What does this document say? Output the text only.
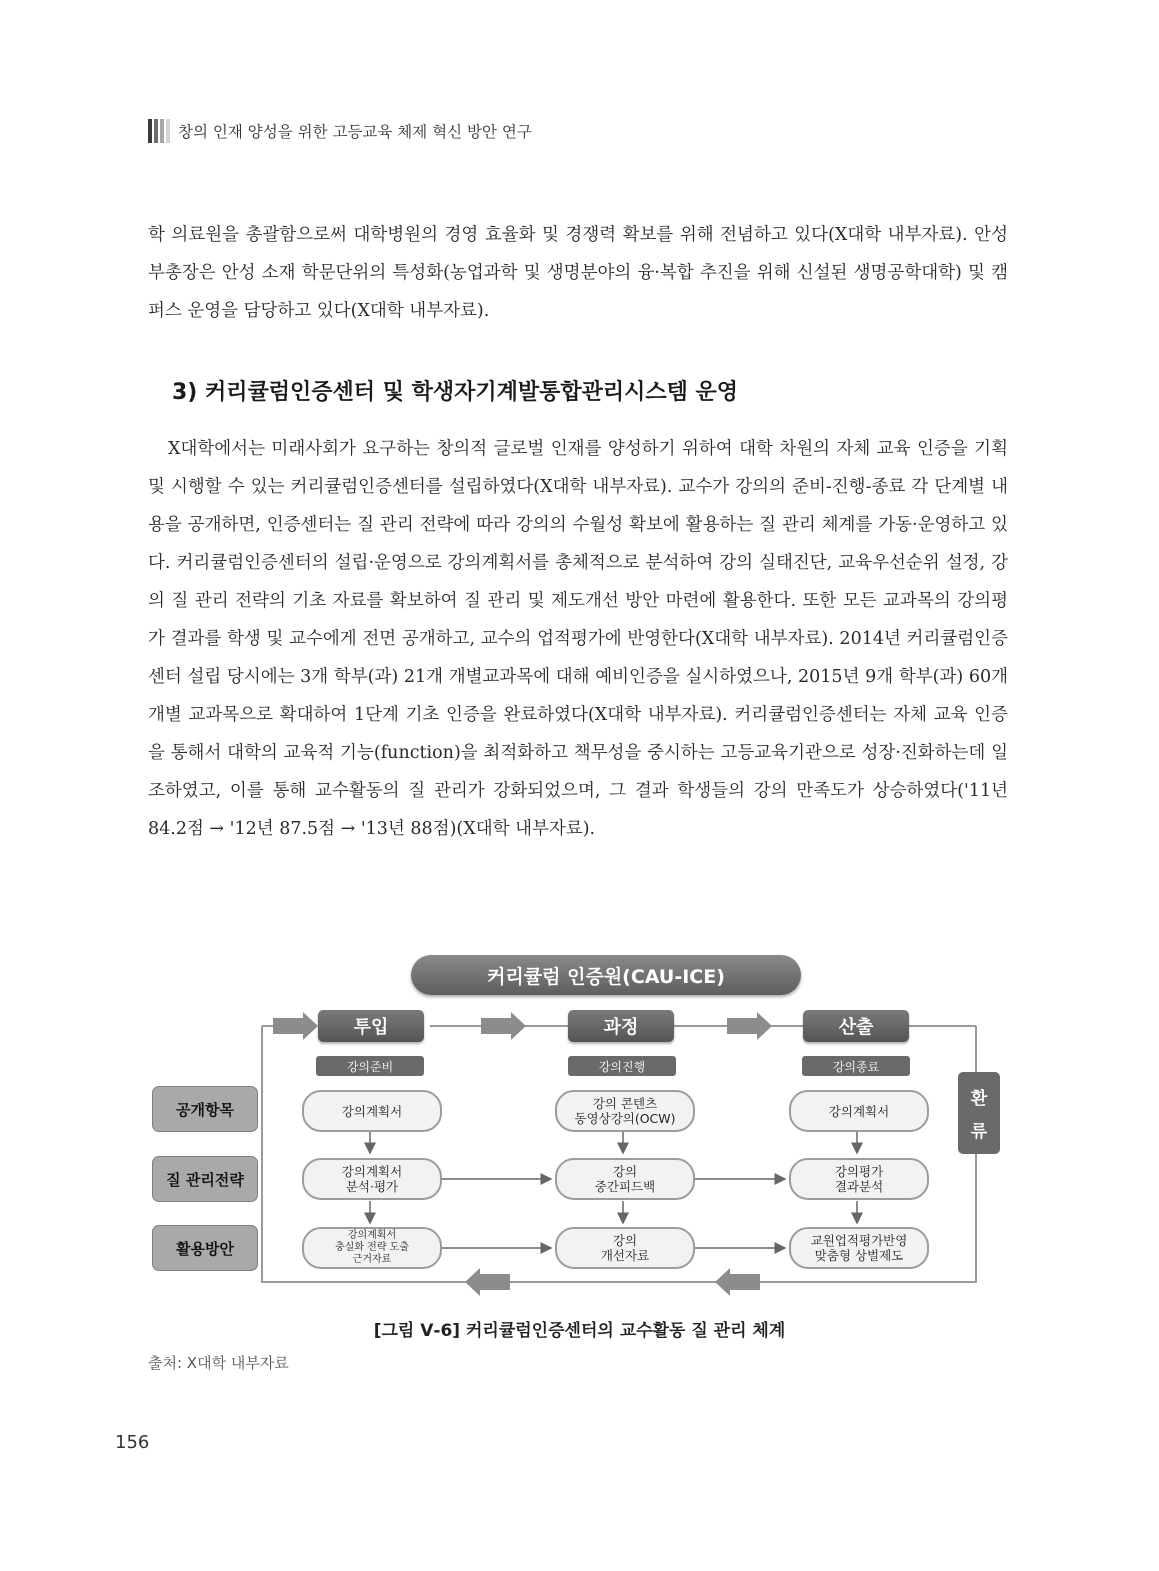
창의 인재 양성을 위한 고등교육 체제 혁신 방안 연구

학 의료원을 총괄함으로써 대학병원의 경영 효율화 및 경쟁력 확보를 위해 전념하고 있다(X대학 내부자료). 안성부총장은 안성 소재 학문단위의 특성화(농업과학 및 생명분야의 융·복합 추진을 위해 신설된 생명공학대학) 및 캠퍼스 운영을 담당하고 있다(X대학 내부자료).

3) 커리큘럼인증센터 및 학생자기계발통합관리시스템 운영

X대학에서는 미래사회가 요구하는 창의적 글로벌 인재를 양성하기 위하여 대학 차원의 자체 교육 인증을 기획 및 시행할 수 있는 커리큘럼인증센터를 설립하였다(X대학 내부자료). 교수가 강의의 준비-진행-종료 각 단계별 내용을 공개하면, 인증센터는 질 관리 전략에 따라 강의의 수월성 확보에 활용하는 질 관리 체계를 가동·운영하고 있다. 커리큘럼인증센터의 설립·운영으로 강의계획서를 총체적으로 분석하여 강의 실태진단, 교육우선순위 설정, 강의 질 관리 전략의 기초 자료를 확보하여 질 관리 및 제도개선 방안 마련에 활용한다. 또한 모든 교과목의 강의평가 결과를 학생 및 교수에게 전면 공개하고, 교수의 업적평가에 반영한다(X대학 내부자료). 2014년 커리큘럼인증센터 설립 당시에는 3개 학부(과) 21개 개별교과목에 대해 예비인증을 실시하였으나, 2015년 9개 학부(과) 60개 개별 교과목으로 확대하여 1단계 기초 인증을 완료하였다(X대학 내부자료). 커리큘럼인증센터는 자체 교육 인증을 통해서 대학의 교육적 기능(function)을 최적화하고 책무성을 중시하는 고등교육기관으로 성장·진화하는데 일조하였고, 이를 통해 교수활동의 질 관리가 강화되었으며, 그 결과 학생들의 강의 만족도가 상승하였다('11년 84.2점 → '12년 87.5점 → '13년 88점)(X대학 내부자료).

커리큘럼 인증원(CAU-ICE)
투입	과정	산출
강의준비	강의진행	강의종료
공개항목
질 관리전략
활용방안
강의계획서	강의 콘텐츠
동영상강의(OCW)	강의계획서
강의계획서
분석·평가
강의
중간피드백
강의평가
결과분석
강의계획서
충실화 전략 도출
근거자료
강의
개선자료
교원업적평가반영
맞춤형 상벌제도
환
류
[그림 Ⅴ-6] 커리큘럼인증센터의 교수활동 질 관리 체계
출처: X대학 내부자료
156
